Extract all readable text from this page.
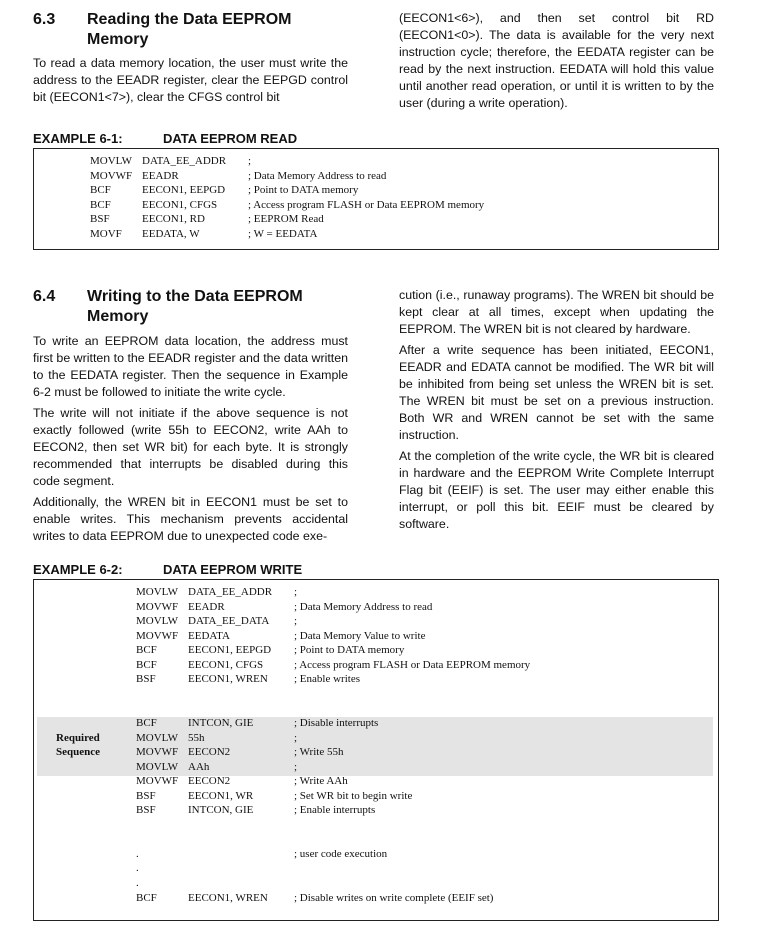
6.3 Reading the Data EEPROM Memory

To read a data memory location, the user must write the address to the EEADR register, clear the EEPGD control bit (EECON1<7>), clear the CFGS control bit

(EECON1<6>), and then set control bit RD (EECON1<0>). The data is available for the very next instruction cycle; therefore, the EEDATA register can be read by the next instruction. EEDATA will hold this value until another read operation, or until it is written to by the user (during a write operation).

EXAMPLE 6-1:	DATA EEPROM READ
MOVLW DATA_EE_ADDR ;
MOVWF EEADR	; Data Memory Address to read
BCF	EECON1, EEPGD ; Point to DATA memory
BCF	EECON1, CFGS	; Access program FLASH or Data EEPROM memory
BSF	EECON1, RD	; EEPROM Read
MOVF EEDATA, W	; W = EEDATA
6.4 Writing to the Data EEPROM Memory

To write an EEPROM data location, the address must first be written to the EEADR register and the data written to the EEDATA register. Then the sequence in Example 6-2 must be followed to initiate the write cycle.

The write will not initiate if the above sequence is not exactly followed (write 55h to EECON2, write AAh to EECON2, then set WR bit) for each byte. It is strongly recommended that interrupts be disabled during this code segment.

Additionally, the WREN bit in EECON1 must be set to enable writes. This mechanism prevents accidental writes to data EEPROM due to unexpected code exe-

cution (i.e., runaway programs). The WREN bit should be kept clear at all times, except when updating the EEPROM. The WREN bit is not cleared by hardware.

After a write sequence has been initiated, EECON1, EEADR and EDATA cannot be modified. The WR bit will be inhibited from being set unless the WREN bit is set. The WREN bit must be set on a previous instruction. Both WR and WREN cannot be set with the same instruction.

At the completion of the write cycle, the WR bit is cleared in hardware and the EEPROM Write Complete Interrupt Flag bit (EEIF) is set. The user may either enable this interrupt, or poll this bit. EEIF must be cleared by software.

EXAMPLE 6-2:	DATA EEPROM WRITE
MOVLW DATA_EE_ADDR ;
MOVWF EEADR	; Data Memory Address to read
MOVLW DATA_EE_DATA ;
MOVWF EEDATA	; Data Memory Value to write
BCF	EECON1, EEPGD ; Point to DATA memory
BCF	EECON1, CFGS	; Access program FLASH or Data EEPROM memory
BSF	EECON1, WREN ; Enable writes
BCF	INTCON, GIE	; Disable interrupts
MOVLW 55h	;
Required
MOVWF EECON2	; Write 55h
Sequence
MOVLW AAh	;
MOVWF EECON2	; Write AAh
BSF	EECON1, WR	; Set WR bit to begin write
BSF	INTCON, GIE	; Enable interrupts
.	; user code execution
.
.
BCF	EECON1, WREN ; Disable writes on write complete (EEIF set)
